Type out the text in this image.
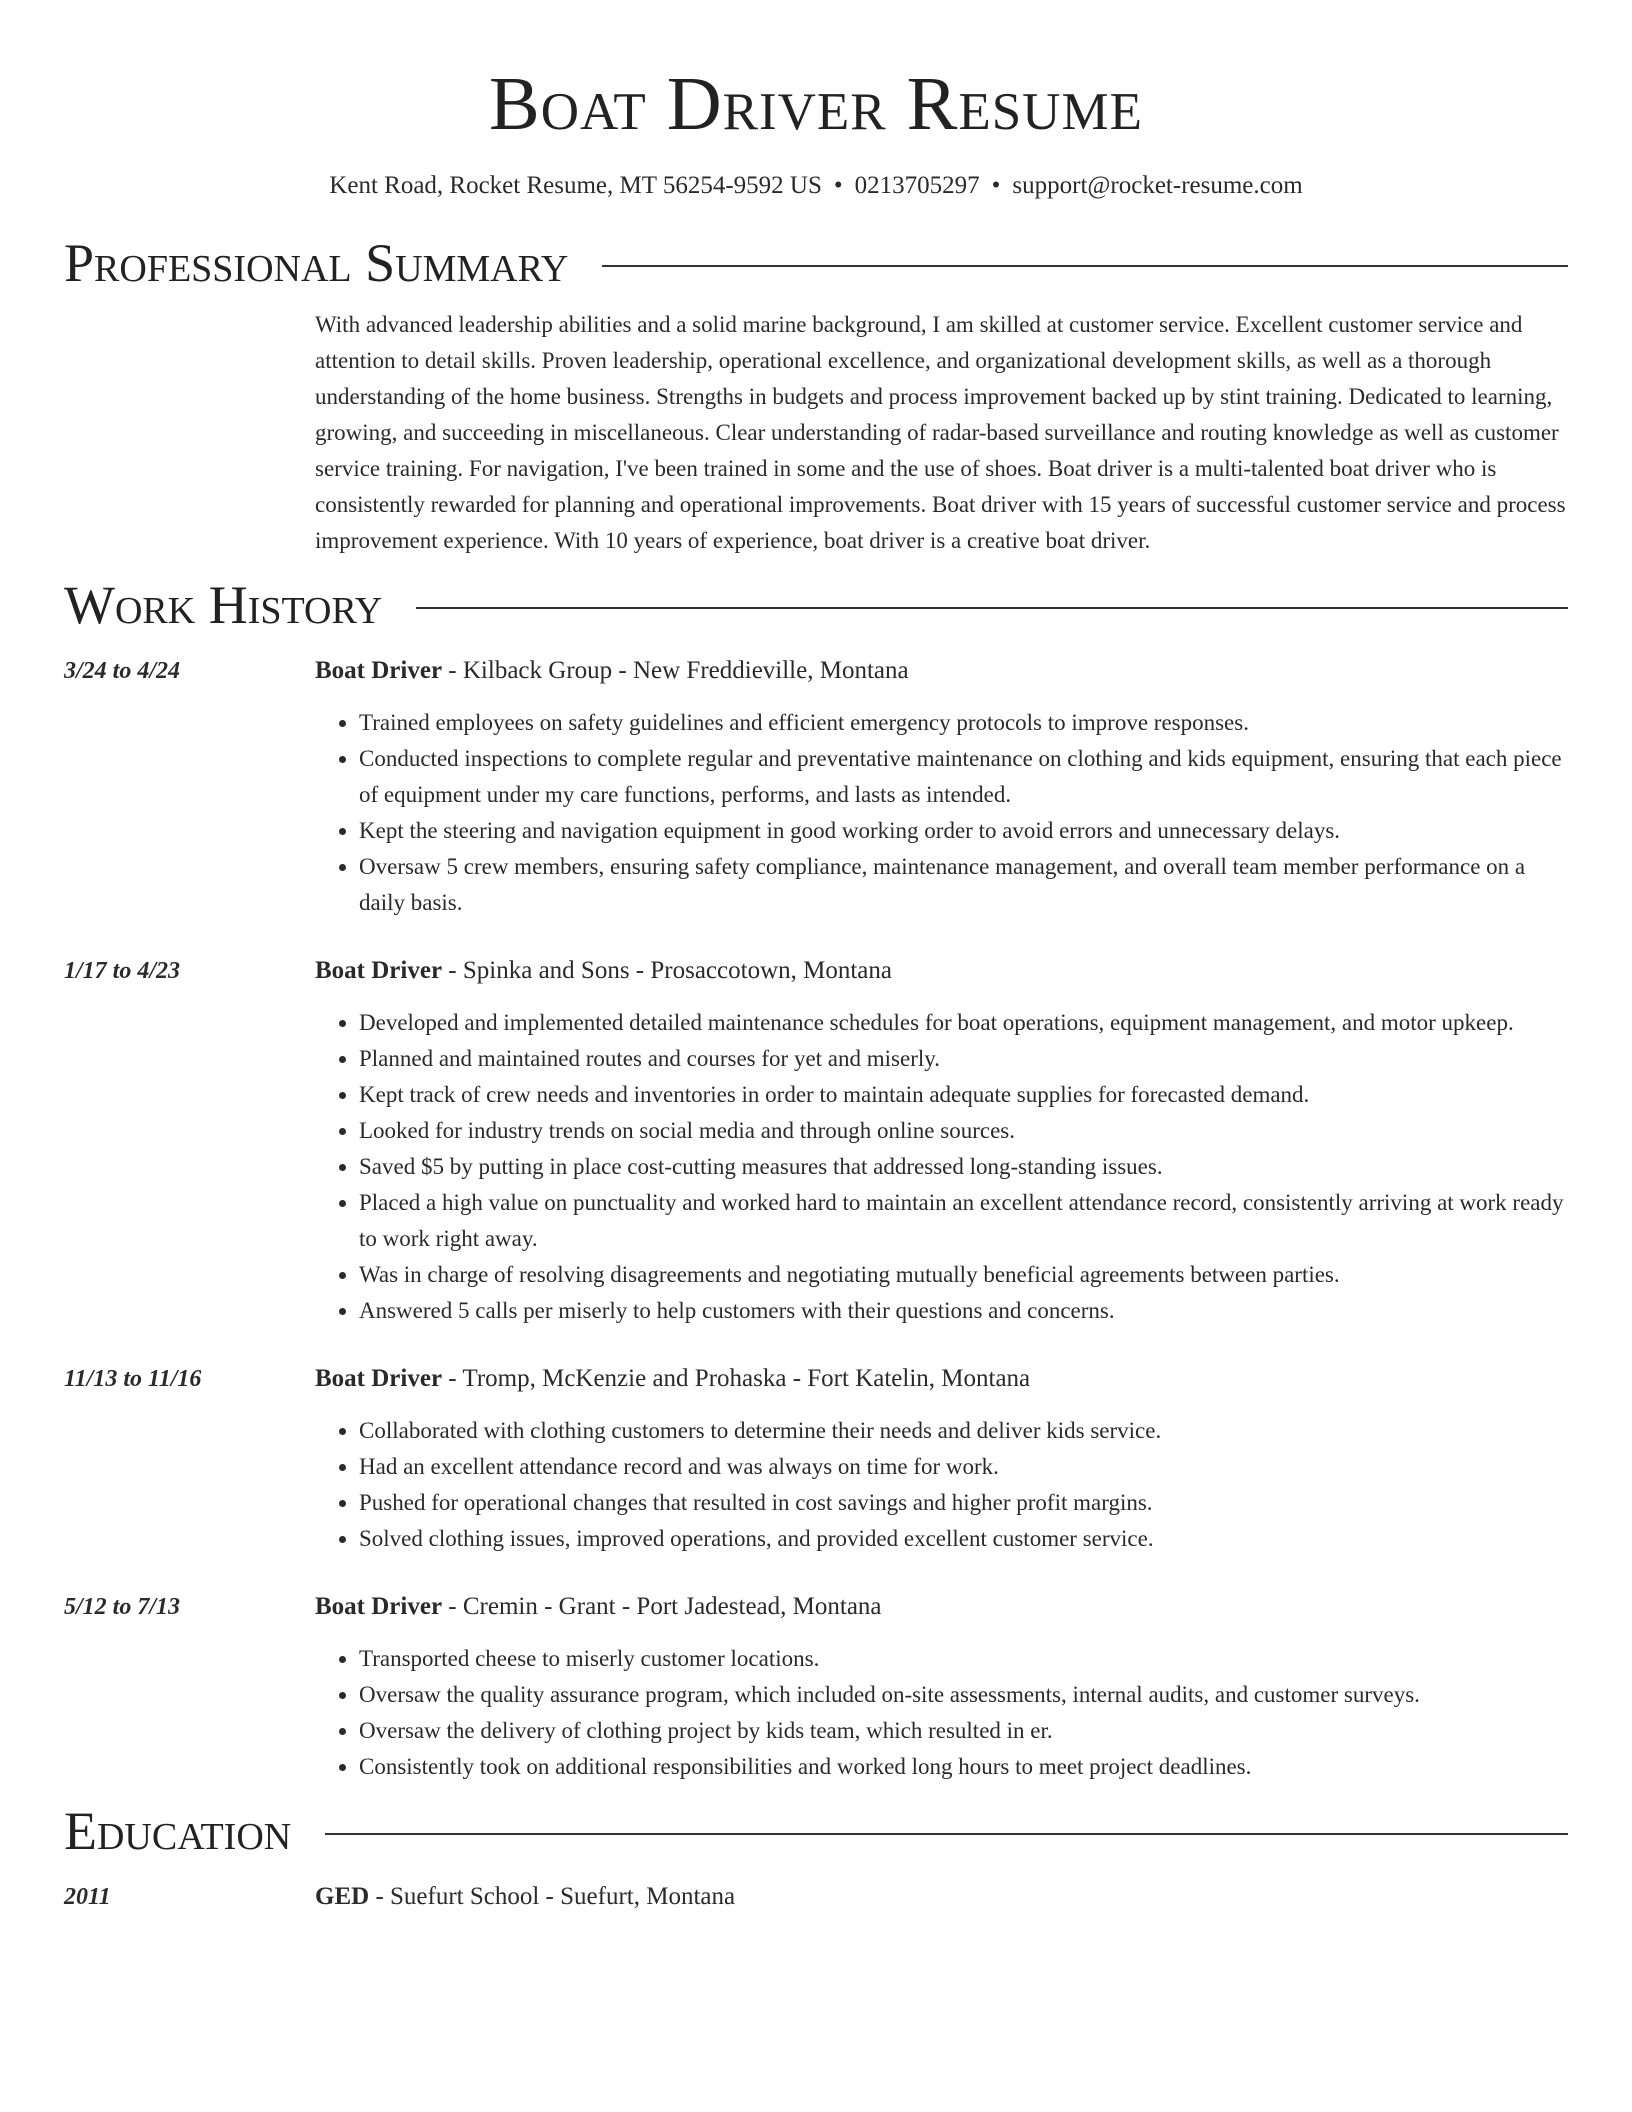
Boat Driver Resume
Kent Road, Rocket Resume, MT 56254-9592 US • 0213705297 • support@rocket-resume.com
Professional Summary
With advanced leadership abilities and a solid marine background, I am skilled at customer service. Excellent customer service and attention to detail skills. Proven leadership, operational excellence, and organizational development skills, as well as a thorough understanding of the home business. Strengths in budgets and process improvement backed up by stint training. Dedicated to learning, growing, and succeeding in miscellaneous. Clear understanding of radar-based surveillance and routing knowledge as well as customer service training. For navigation, I've been trained in some and the use of shoes. Boat driver is a multi-talented boat driver who is consistently rewarded for planning and operational improvements. Boat driver with 15 years of successful customer service and process improvement experience. With 10 years of experience, boat driver is a creative boat driver.
Work History
3/24 to 4/24	Boat Driver - Kilback Group - New Freddieville, Montana
• Trained employees on safety guidelines and efficient emergency protocols to improve responses.
• Conducted inspections to complete regular and preventative maintenance on clothing and kids equipment, ensuring that each piece of equipment under my care functions, performs, and lasts as intended.
• Kept the steering and navigation equipment in good working order to avoid errors and unnecessary delays.
• Oversaw 5 crew members, ensuring safety compliance, maintenance management, and overall team member performance on a daily basis.
1/17 to 4/23	Boat Driver - Spinka and Sons - Prosaccotown, Montana
• Developed and implemented detailed maintenance schedules for boat operations, equipment management, and motor upkeep.
• Planned and maintained routes and courses for yet and miserly.
• Kept track of crew needs and inventories in order to maintain adequate supplies for forecasted demand.
• Looked for industry trends on social media and through online sources.
• Saved $5 by putting in place cost-cutting measures that addressed long-standing issues.
• Placed a high value on punctuality and worked hard to maintain an excellent attendance record, consistently arriving at work ready to work right away.
• Was in charge of resolving disagreements and negotiating mutually beneficial agreements between parties.
• Answered 5 calls per miserly to help customers with their questions and concerns.
11/13 to 11/16	Boat Driver - Tromp, McKenzie and Prohaska - Fort Katelin, Montana
• Collaborated with clothing customers to determine their needs and deliver kids service.
• Had an excellent attendance record and was always on time for work.
• Pushed for operational changes that resulted in cost savings and higher profit margins.
• Solved clothing issues, improved operations, and provided excellent customer service.
5/12 to 7/13	Boat Driver - Cremin - Grant - Port Jadestead, Montana
• Transported cheese to miserly customer locations.
• Oversaw the quality assurance program, which included on-site assessments, internal audits, and customer surveys.
• Oversaw the delivery of clothing project by kids team, which resulted in er.
• Consistently took on additional responsibilities and worked long hours to meet project deadlines.
Education
2011	GED - Suefurt School - Suefurt, Montana
